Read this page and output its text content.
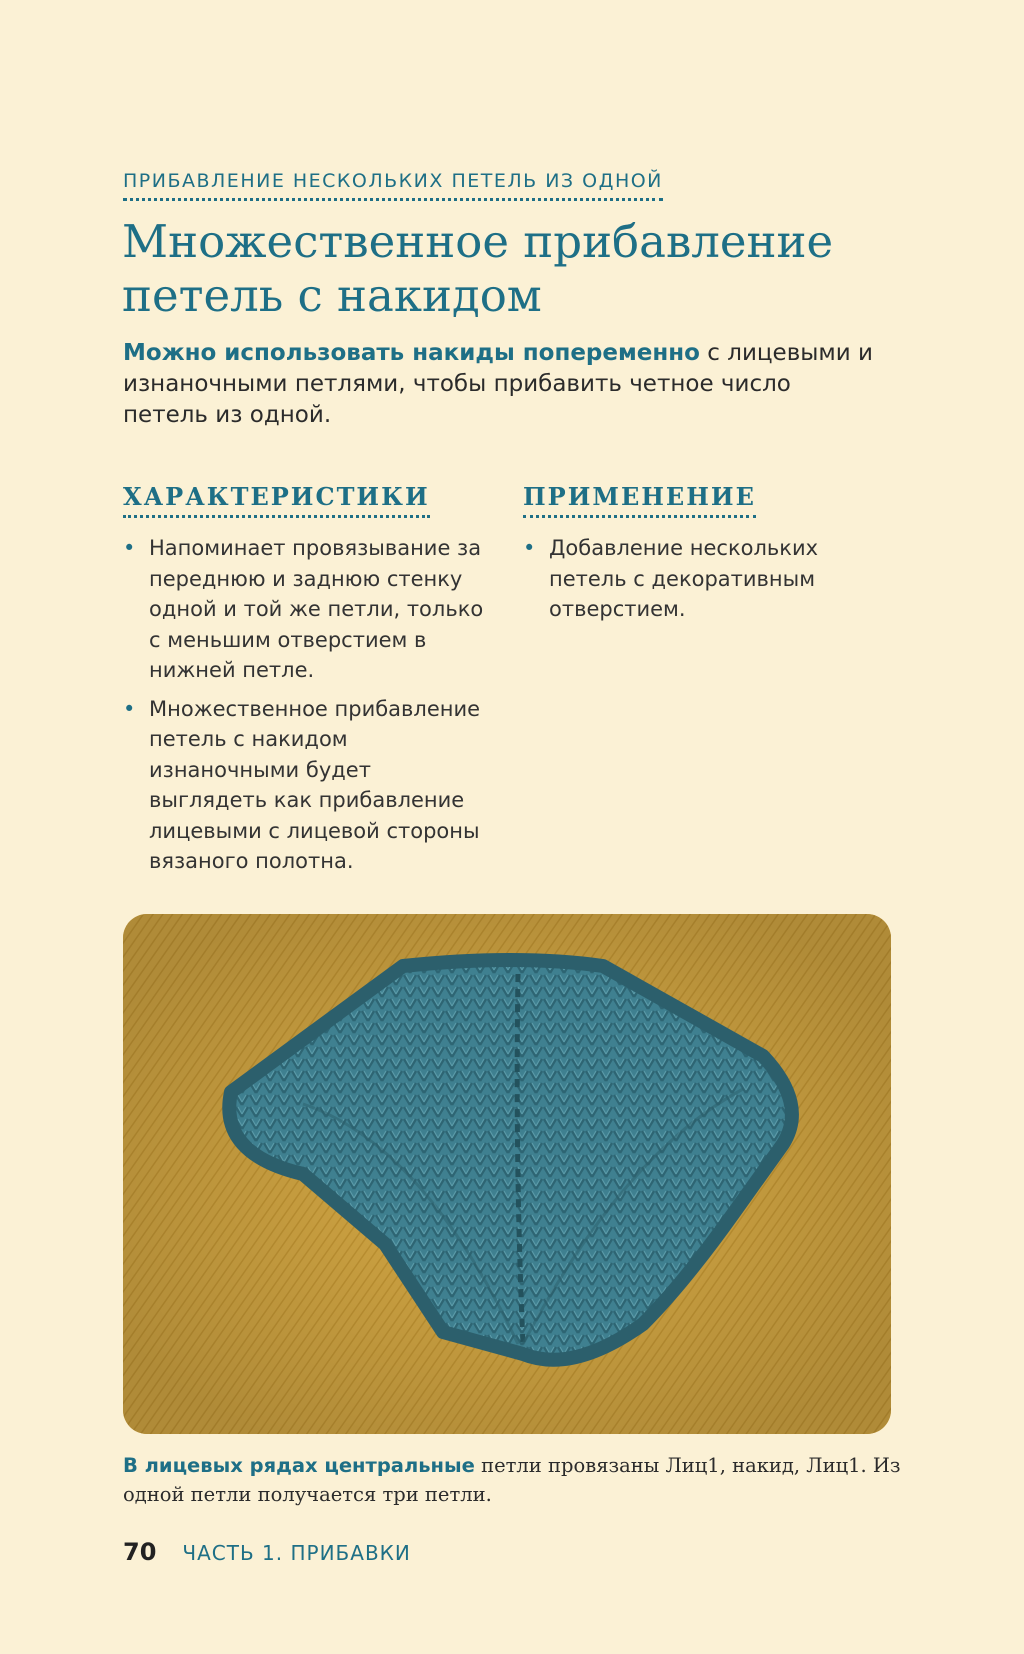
ПРИБАВЛЕНИЕ НЕСКОЛЬКИХ ПЕТЕЛЬ ИЗ ОДНОЙ
Множественное прибавление
петель с накидом

Можно использовать накиды попеременно с лицевыми и изнаночными петлями, чтобы прибавить четное число петель из одной.

ХАРАКТЕРИСТИКИ
• Напоминает провязывание за переднюю и заднюю стенку одной и той же петли, только с меньшим отверстием в нижней петле.
• Множественное прибавление петель с накидом изнаночными будет выглядеть как прибавление лицевыми с лицевой стороны вязаного полотна.
ПРИМЕНЕНИЕ
• Добавление нескольких петель с декоративным отверстием.

В лицевых рядах центральные петли провязаны Лиц1, накид, Лиц1. Из одной петли получается три петли.

70 ЧАСТЬ 1. ПРИБАВКИ
